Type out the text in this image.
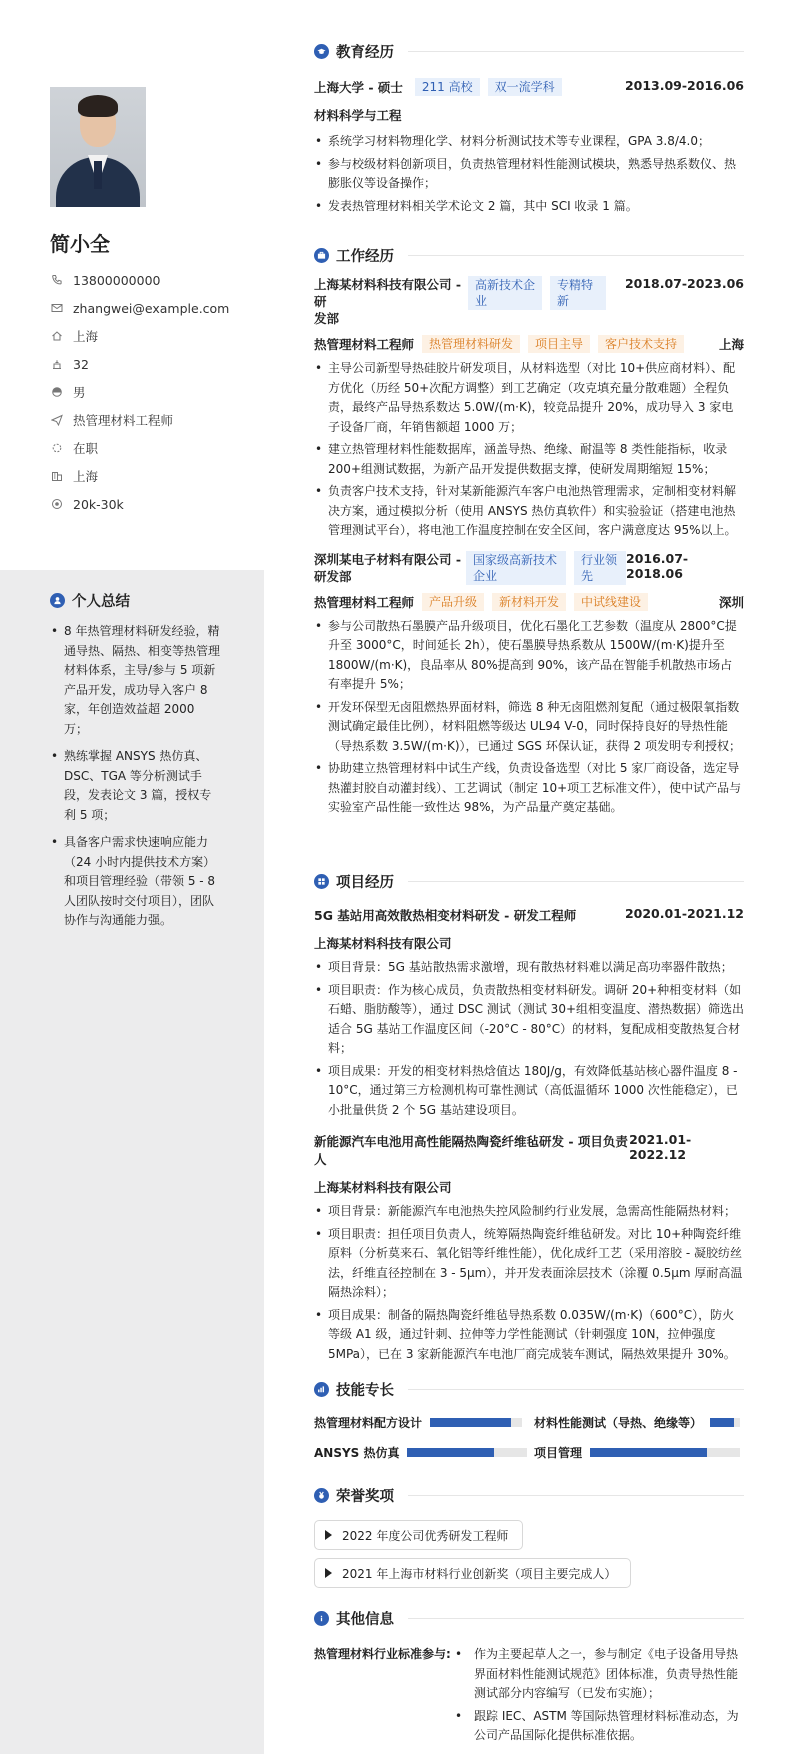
简小全
13800000000
zhangwei@example.com
上海
32
男
热管理材料工程师
在职
上海
20k-30k
个人总结
• 8 年热管理材料研发经验，精通导热、隔热、相变等热管理材料体系，主导/参与 5 项新产品开发，成功导入客户 8 家，年创造效益超 2000 万；
• 熟练掌握 ANSYS 热仿真、DSC、TGA 等分析测试手段，发表论文 3 篇，授权专利 5 项；
• 具备客户需求快速响应能力（24 小时内提供技术方案）和项目管理经验（带领 5 - 8 人团队按时交付项目），团队协作与沟通能力强。
教育经历
上海大学 - 硕士	211 高校	双一流学科	2013.09-2016.06
材料科学与工程
• 系统学习材料物理化学、材料分析测试技术等专业课程，GPA 3.8/4.0；
• 参与校级材料创新项目，负责热管理材料性能测试模块，熟悉导热系数仪、热膨胀仪等设备操作；
• 发表热管理材料相关学术论文 2 篇，其中 SCI 收录 1 篇。
工作经历
上海某材料科技有限公司 - 研
发部
高新技术企
业
专精特
新
2018.07-2023.06
热管理材料工程师	热管理材料研发	项目主导	客户技术支持	上海
• 主导公司新型导热硅胶片研发项目，从材料选型（对比 10+供应商材料）、配方优化（历经 50+次配方调整）到工艺确定（攻克填充量分散难题）全程负责，最终产品导热系数达 5.0W/(m·K)，较竞品提升 20%，成功导入 3 家电子设备厂商，年销售额超 1000 万；
• 建立热管理材料性能数据库，涵盖导热、绝缘、耐温等 8 类性能指标，收录 200+组测试数据，为新产品开发提供数据支撑，使研发周期缩短 15%；
• 负责客户技术支持，针对某新能源汽车客户电池热管理需求，定制相变材料解决方案，通过模拟分析（使用 ANSYS 热仿真软件）和实验验证（搭建电池热管理测试平台），将电池工作温度控制在安全区间，客户满意度达 95%以上。
深圳某电子材料有限公司 -
研发部
国家级高新技术
企业
行业领
先
2016.07-2018.06
热管理材料工程师	产品升级	新材料开发	中试线建设	深圳
• 参与公司散热石墨膜产品升级项目，优化石墨化工艺参数（温度从 2800°C提升至 3000°C，时间延长 2h），使石墨膜导热系数从 1500W/(m·K)提升至 1800W/(m·K)，良品率从 80%提高到 90%，该产品在智能手机散热市场占有率提升 5%；
• 开发环保型无卤阻燃热界面材料，筛选 8 种无卤阻燃剂复配（通过极限氧指数测试确定最佳比例），材料阻燃等级达 UL94 V-0，同时保持良好的导热性能（导热系数 3.5W/(m·K)），已通过 SGS 环保认证，获得 2 项发明专利授权；
• 协助建立热管理材料中试生产线，负责设备选型（对比 5 家厂商设备，选定导热灌封胶自动灌封线）、工艺调试（制定 10+项工艺标准文件），使中试产品与实验室产品性能一致性达 98%，为产品量产奠定基础。
项目经历
5G 基站用高效散热相变材料研发 - 研发工程师	2020.01-2021.12
上海某材料科技有限公司
• 项目背景：5G 基站散热需求激增，现有散热材料难以满足高功率器件散热；
• 项目职责：作为核心成员，负责散热相变材料研发。调研 20+种相变材料（如石蜡、脂肪酸等），通过 DSC 测试（测试 30+组相变温度、潜热数据）筛选出适合 5G 基站工作温度区间（-20°C - 80°C）的材料，复配成相变散热复合材料；
• 项目成果：开发的相变材料热焓值达 180J/g，有效降低基站核心器件温度 8 - 10°C，通过第三方检测机构可靠性测试（高低温循环 1000 次性能稳定），已小批量供货 2 个 5G 基站建设项目。
新能源汽车电池用高性能隔热陶瓷纤维毡研发 - 项目负责人
2021.01-2022.12
上海某材料科技有限公司
• 项目背景：新能源汽车电池热失控风险制约行业发展，急需高性能隔热材料；
• 项目职责：担任项目负责人，统筹隔热陶瓷纤维毡研发。对比 10+种陶瓷纤维原料（分析莫来石、氧化铝等纤维性能），优化成纤工艺（采用溶胶 - 凝胶纺丝法，纤维直径控制在 3 - 5μm），并开发表面涂层技术（涂覆 0.5μm 厚耐高温隔热涂料）；
• 项目成果：制备的隔热陶瓷纤维毡导热系数 0.035W/(m·K)（600°C），防火等级 A1 级，通过针刺、拉伸等力学性能测试（针刺强度 10N，拉伸强度 5MPa），已在 3 家新能源汽车电池厂商完成装车测试，隔热效果提升 30%。
技能专长
热管理材料配方设计	材料性能测试（导热、绝缘等）
ANSYS 热仿真	项目管理
荣誉奖项
2022 年度公司优秀研发工程师
2021 年上海市材料行业创新奖（项目主要完成人）
其他信息
热管理材料行业标准参与:
•	作为主要起草人之一，参与制定《电子设备用导热界面材料性能测试规范》团体标准，负责导热性能测试部分内容编写（已发布实施）；
• 跟踪 IEC、ASTM 等国际热管理材料标准动态，为公司产品国际化提供标准依据。
